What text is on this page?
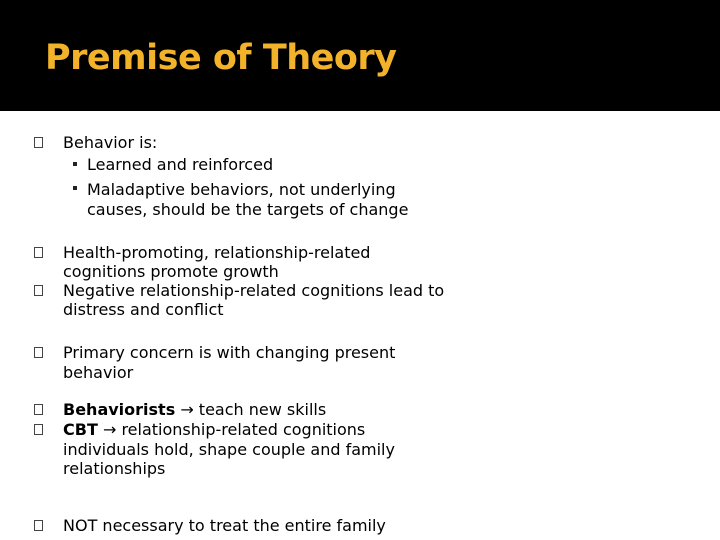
Premise of Theory
Behavior is:
Learned and reinforced
Maladaptive behaviors, not underlying
causes, should be the targets of change
Health-promoting, relationship-related
cognitions promote growth
Negative relationship-related cognitions lead to
distress and conflict
Primary concern is with changing present
behavior
Behaviorists → teach new skills
CBT → relationship-related cognitions
individuals hold, shape couple and family
relationships
NOT necessary to treat the entire family
